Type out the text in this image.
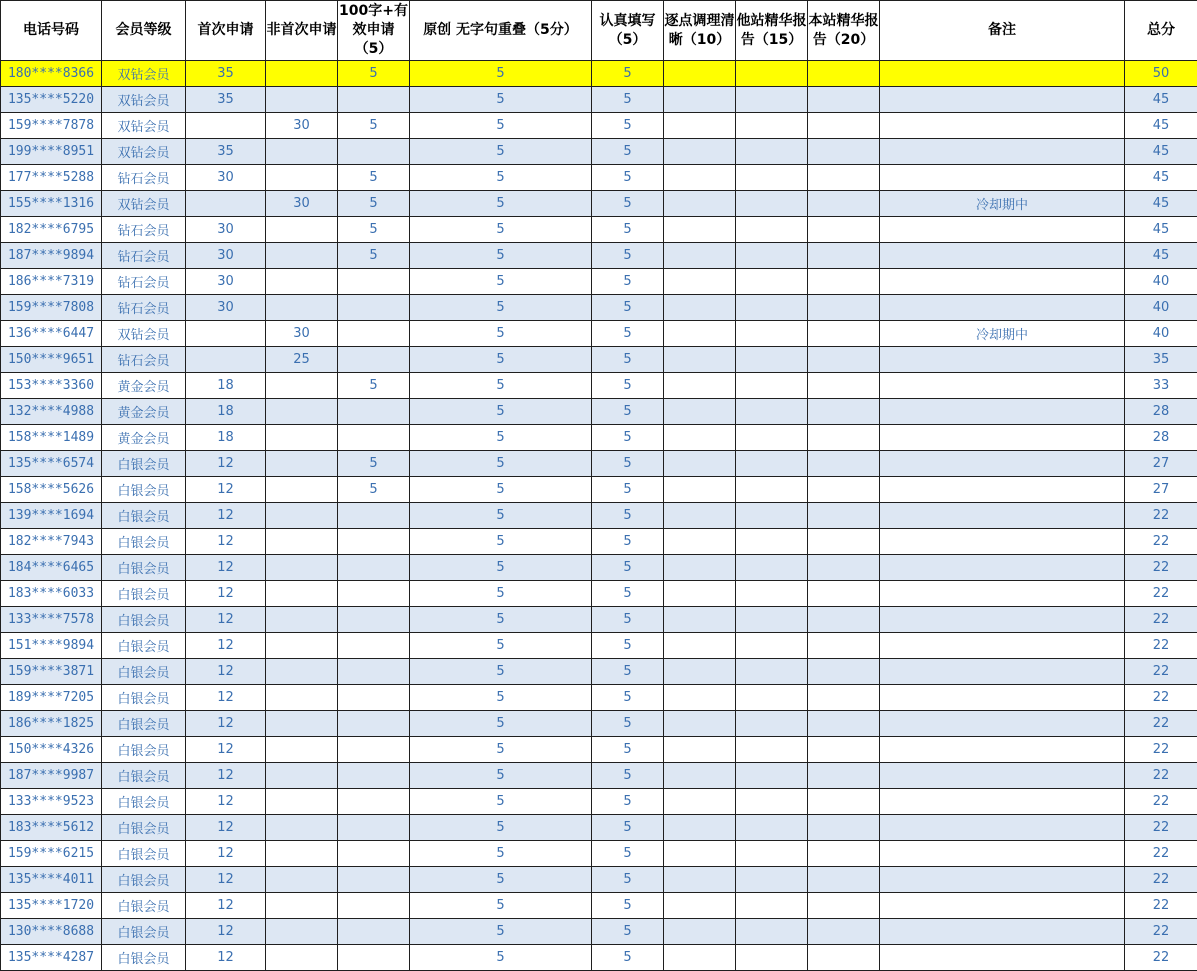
电话号码	会员等级	首次申请	非首次申请	100字+有效申请（5）	原创 无字句重叠（5分）	认真填写（5）	逐点调理清晰（10）	他站精华报告（15）	本站精华报告（20）	备注	总分
180****8366	双钻会员	35		5	5	5					50
135****5220	双钻会员	35			5	5					45
159****7878	双钻会员		30	5	5	5					45
199****8951	双钻会员	35			5	5					45
177****5288	钻石会员	30		5	5	5					45
155****1316	双钻会员		30	5	5	5				冷却期中	45
182****6795	钻石会员	30		5	5	5					45
187****9894	钻石会员	30		5	5	5					45
186****7319	钻石会员	30			5	5					40
159****7808	钻石会员	30			5	5					40
136****6447	双钻会员		30		5	5				冷却期中	40
150****9651	钻石会员		25		5	5					35
153****3360	黄金会员	18		5	5	5					33
132****4988	黄金会员	18			5	5					28
158****1489	黄金会员	18			5	5					28
135****6574	白银会员	12		5	5	5					27
158****5626	白银会员	12		5	5	5					27
139****1694	白银会员	12			5	5					22
182****7943	白银会员	12			5	5					22
184****6465	白银会员	12			5	5					22
183****6033	白银会员	12			5	5					22
133****7578	白银会员	12			5	5					22
151****9894	白银会员	12			5	5					22
159****3871	白银会员	12			5	5					22
189****7205	白银会员	12			5	5					22
186****1825	白银会员	12			5	5					22
150****4326	白银会员	12			5	5					22
187****9987	白银会员	12			5	5					22
133****9523	白银会员	12			5	5					22
183****5612	白银会员	12			5	5					22
159****6215	白银会员	12			5	5					22
135****4011	白银会员	12			5	5					22
135****1720	白银会员	12			5	5					22
130****8688	白银会员	12			5	5					22
135****4287	白银会员	12			5	5					22
